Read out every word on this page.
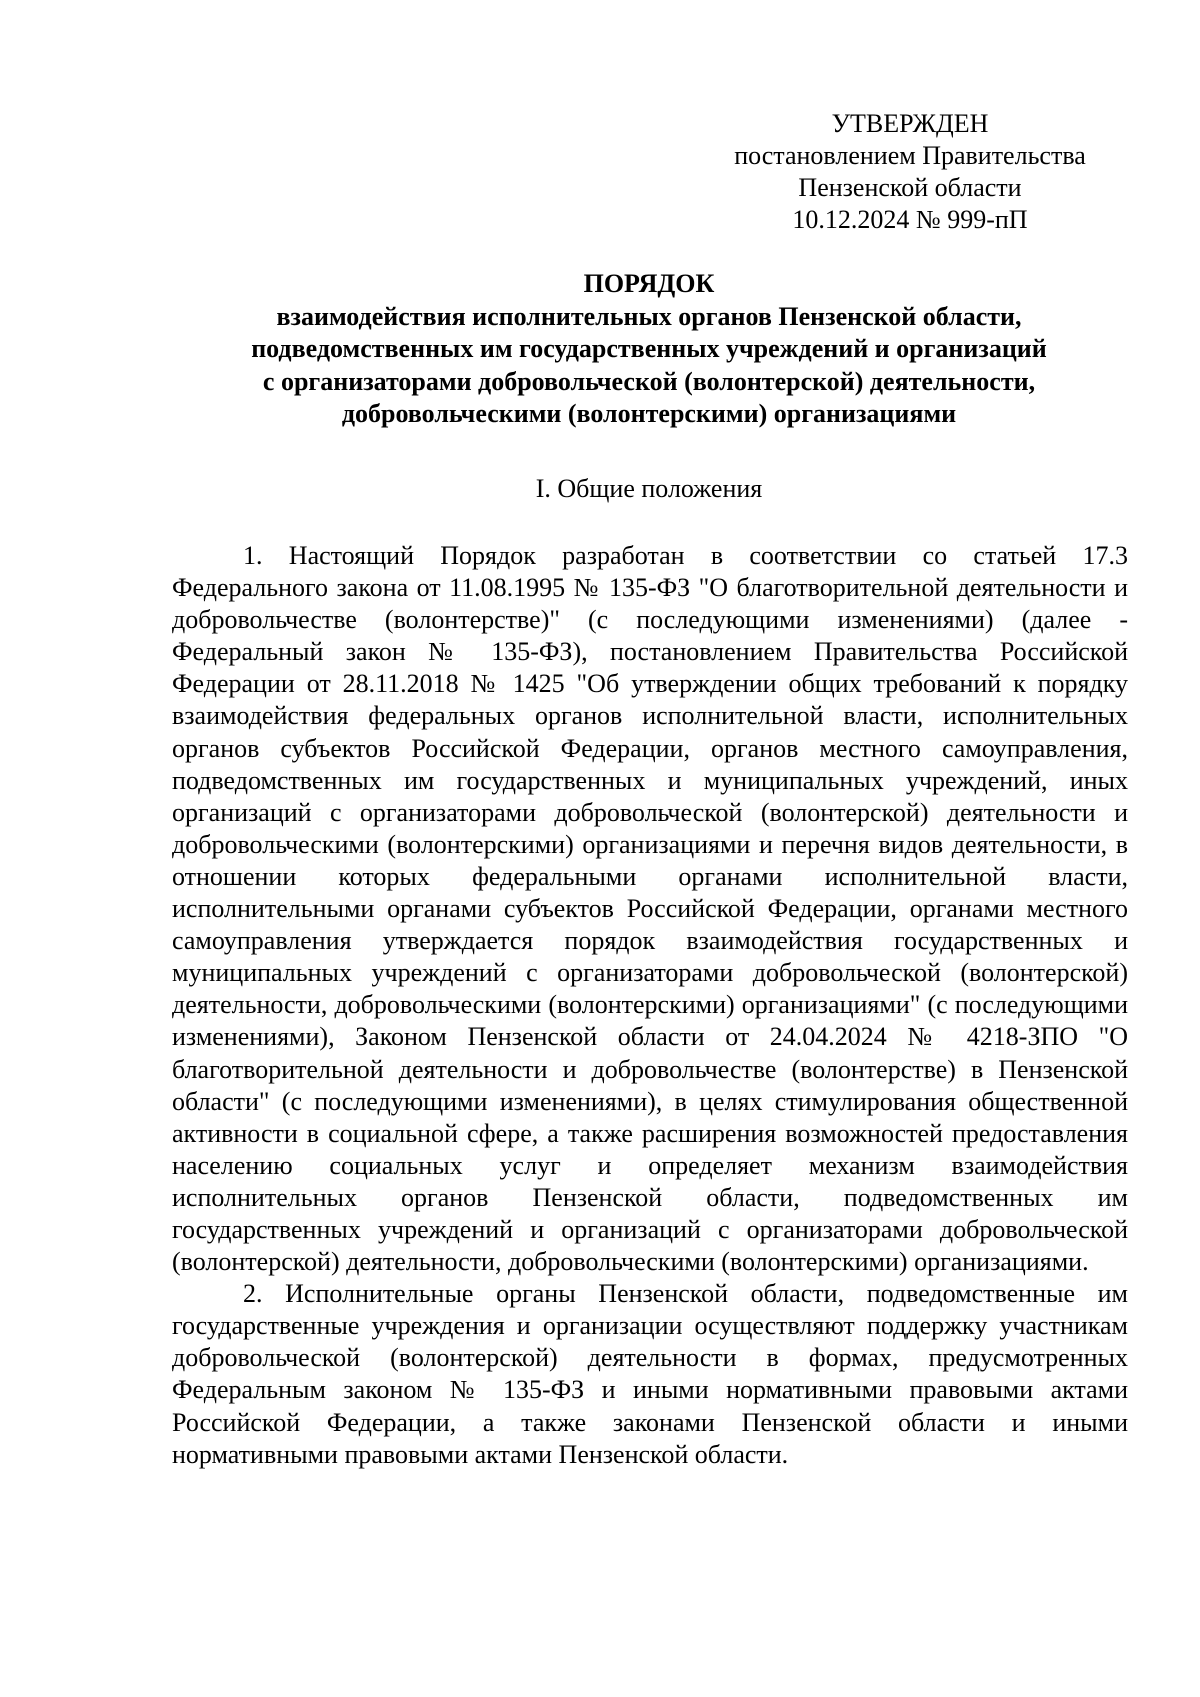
УТВЕРЖДЕН
постановлением Правительства
Пензенской области
10.12.2024 № 999-пП
ПОРЯДОК
взаимодействия исполнительных органов Пензенской области,
подведомственных им государственных учреждений и организаций
с организаторами добровольческой (волонтерской) деятельности,
добровольческими (волонтерскими) организациями
I. Общие положения

1. Настоящий Порядок разработан в соответствии со статьей 17.3 Федерального закона от 11.08.1995 № 135-ФЗ "О благотворительной деятельности и добровольчестве (волонтерстве)" (с последующими изменениями) (далее - Федеральный закон № 135-ФЗ), постановлением Правительства Российской Федерации от 28.11.2018 № 1425 "Об утверждении общих требований к порядку взаимодействия федеральных органов исполнительной власти, исполнительных органов субъектов Российской Федерации, органов местного самоуправления, подведомственных им государственных и муниципальных учреждений, иных организаций с организаторами добровольческой (волонтерской) деятельности и добровольческими (волонтерскими) организациями и перечня видов деятельности, в отношении которых федеральными органами исполнительной власти, исполнительными органами субъектов Российской Федерации, органами местного самоуправления утверждается порядок взаимодействия государственных и муниципальных учреждений с организаторами добровольческой (волонтерской) деятельности, добровольческими (волонтерскими) организациями" (с последующими изменениями), Законом Пензенской области от 24.04.2024 № 4218-ЗПО "О благотворительной деятельности и добровольчестве (волонтерстве) в Пензенской области" (с последующими изменениями), в целях стимулирования общественной активности в социальной сфере, а также расширения возможностей предоставления населению социальных услуг и определяет механизм взаимодействия исполнительных органов Пензенской области, подведомственных им государственных учреждений и организаций с организаторами добровольческой (волонтерской) деятельности, добровольческими (волонтерскими) организациями.

2. Исполнительные органы Пензенской области, подведомственные им государственные учреждения и организации осуществляют поддержку участникам добровольческой (волонтерской) деятельности в формах, предусмотренных Федеральным законом № 135-ФЗ и иными нормативными правовыми актами Российской Федерации, а также законами Пензенской области и иными нормативными правовыми актами Пензенской области.
